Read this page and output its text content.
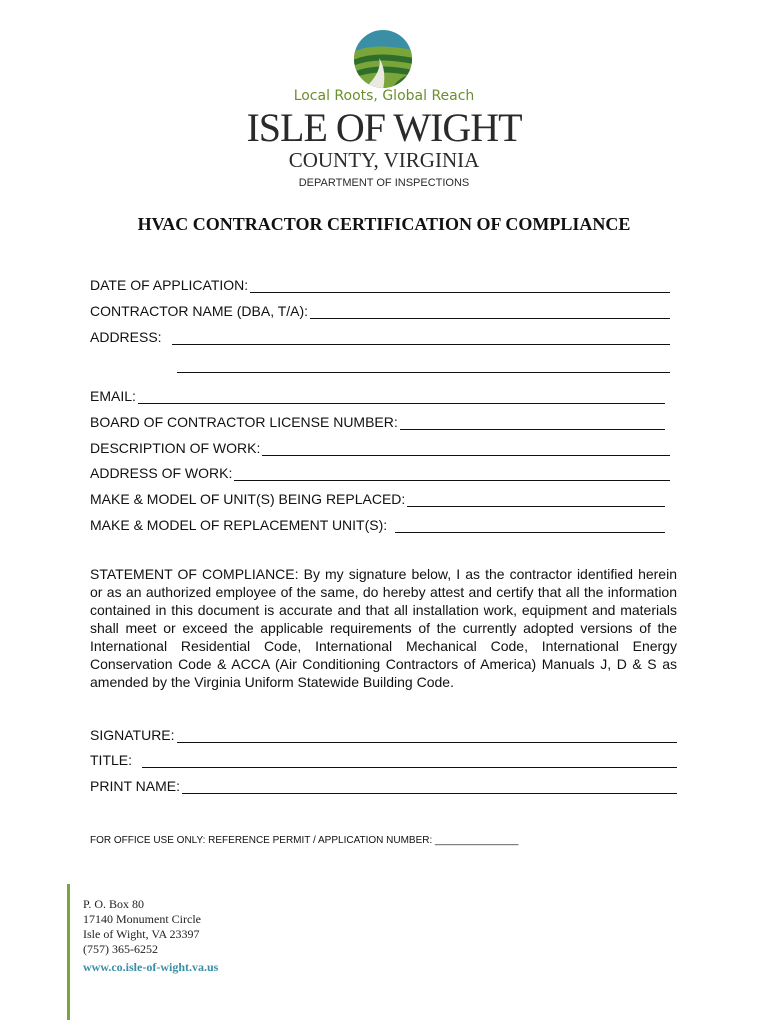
Local Roots, Global Reach
ISLE OF WIGHT
COUNTY, VIRGINIA
DEPARTMENT OF INSPECTIONS
HVAC CONTRACTOR CERTIFICATION OF COMPLIANCE
DATE OF APPLICATION:
CONTRACTOR NAME (DBA, T/A):
ADDRESS:
EMAIL:
BOARD OF CONTRACTOR LICENSE NUMBER:
DESCRIPTION OF WORK:
ADDRESS OF WORK:
MAKE & MODEL OF UNIT(S) BEING REPLACED:
MAKE & MODEL OF REPLACEMENT UNIT(S):
STATEMENT OF COMPLIANCE: By my signature below, I as the contractor identified herein or as an authorized employee of the same, do hereby attest and certify that all the information contained in this document is accurate and that all installation work, equipment and materials shall meet or exceed the applicable requirements of the currently adopted versions of the International Residential Code, International Mechanical Code, International Energy Conservation Code & ACCA (Air Conditioning Contractors of America) Manuals J, D & S as amended by the Virginia Uniform Statewide Building Code.
SIGNATURE:
TITLE:
PRINT NAME:
FOR OFFICE USE ONLY: REFERENCE PERMIT / APPLICATION NUMBER: _______________
P. O. Box 80
17140 Monument Circle
Isle of Wight, VA 23397
(757) 365-6252
www.co.isle-of-wight.va.us
